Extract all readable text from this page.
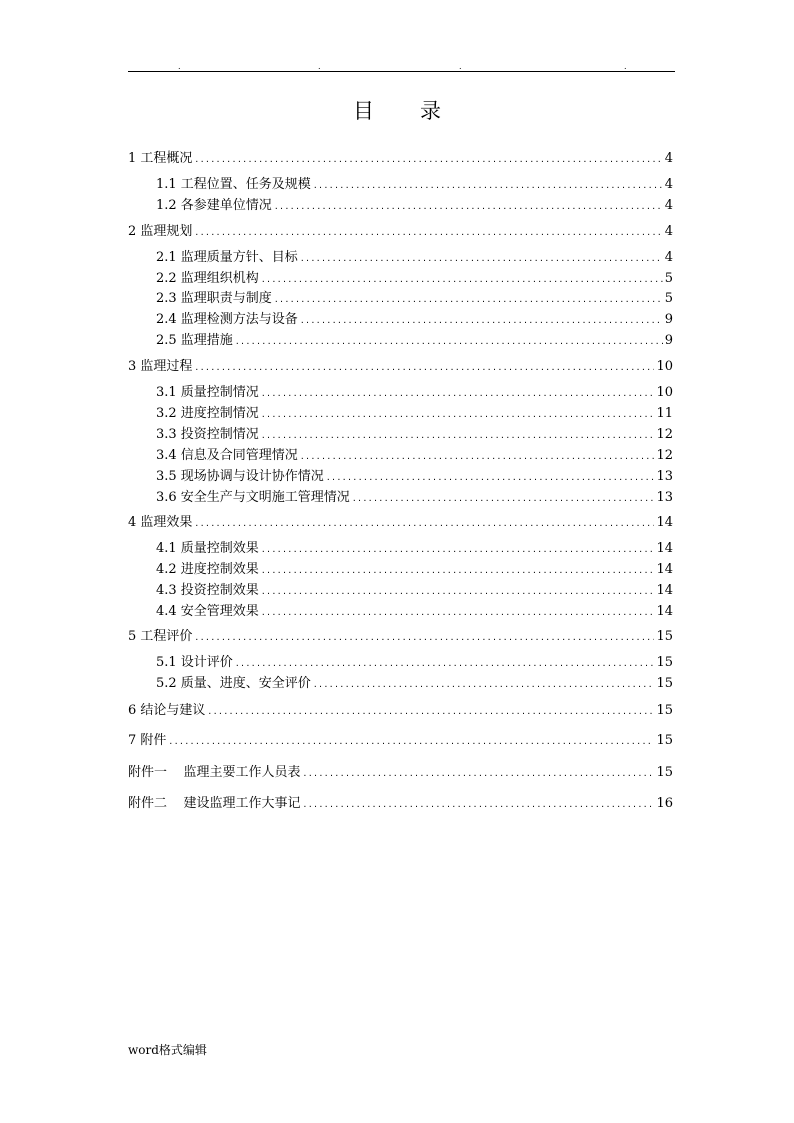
.	.	.	.
目 录
1 工程概况 .....	4
1.1 工程位置、任务及规模 .....	4
1.2 各参建单位情况 .....	4
2 监理规划 .....	4
2.1 监理质量方针、目标 .....	4
2.2 监理组织机构 .....	5
2.3 监理职责与制度 .....	5
2.4 监理检测方法与设备 .....	9
2.5 监理措施 .....	9
3 监理过程 .....	10
3.1 质量控制情况 .....	10
3.2 进度控制情况 .....	11
3.3 投资控制情况 .....	12
3.4 信息及合同管理情况 .....	12
3.5 现场协调与设计协作情况 .....	13
3.6 安全生产与文明施工管理情况 .....	13
4 监理效果 .....	14
4.1 质量控制效果 .....	14
4.2 进度控制效果 .....	14
4.3 投资控制效果 .....	14
4.4 安全管理效果 .....	14
5 工程评价 .....	15
5.1 设计评价 .....	15
5.2 质量、进度、安全评价 .....	15
6 结论与建议 .....	15
7 附件 .....	15
附件一    监理主要工作人员表 .....	15
附件二    建设监理工作大事记 .....	16
word格式编辑
